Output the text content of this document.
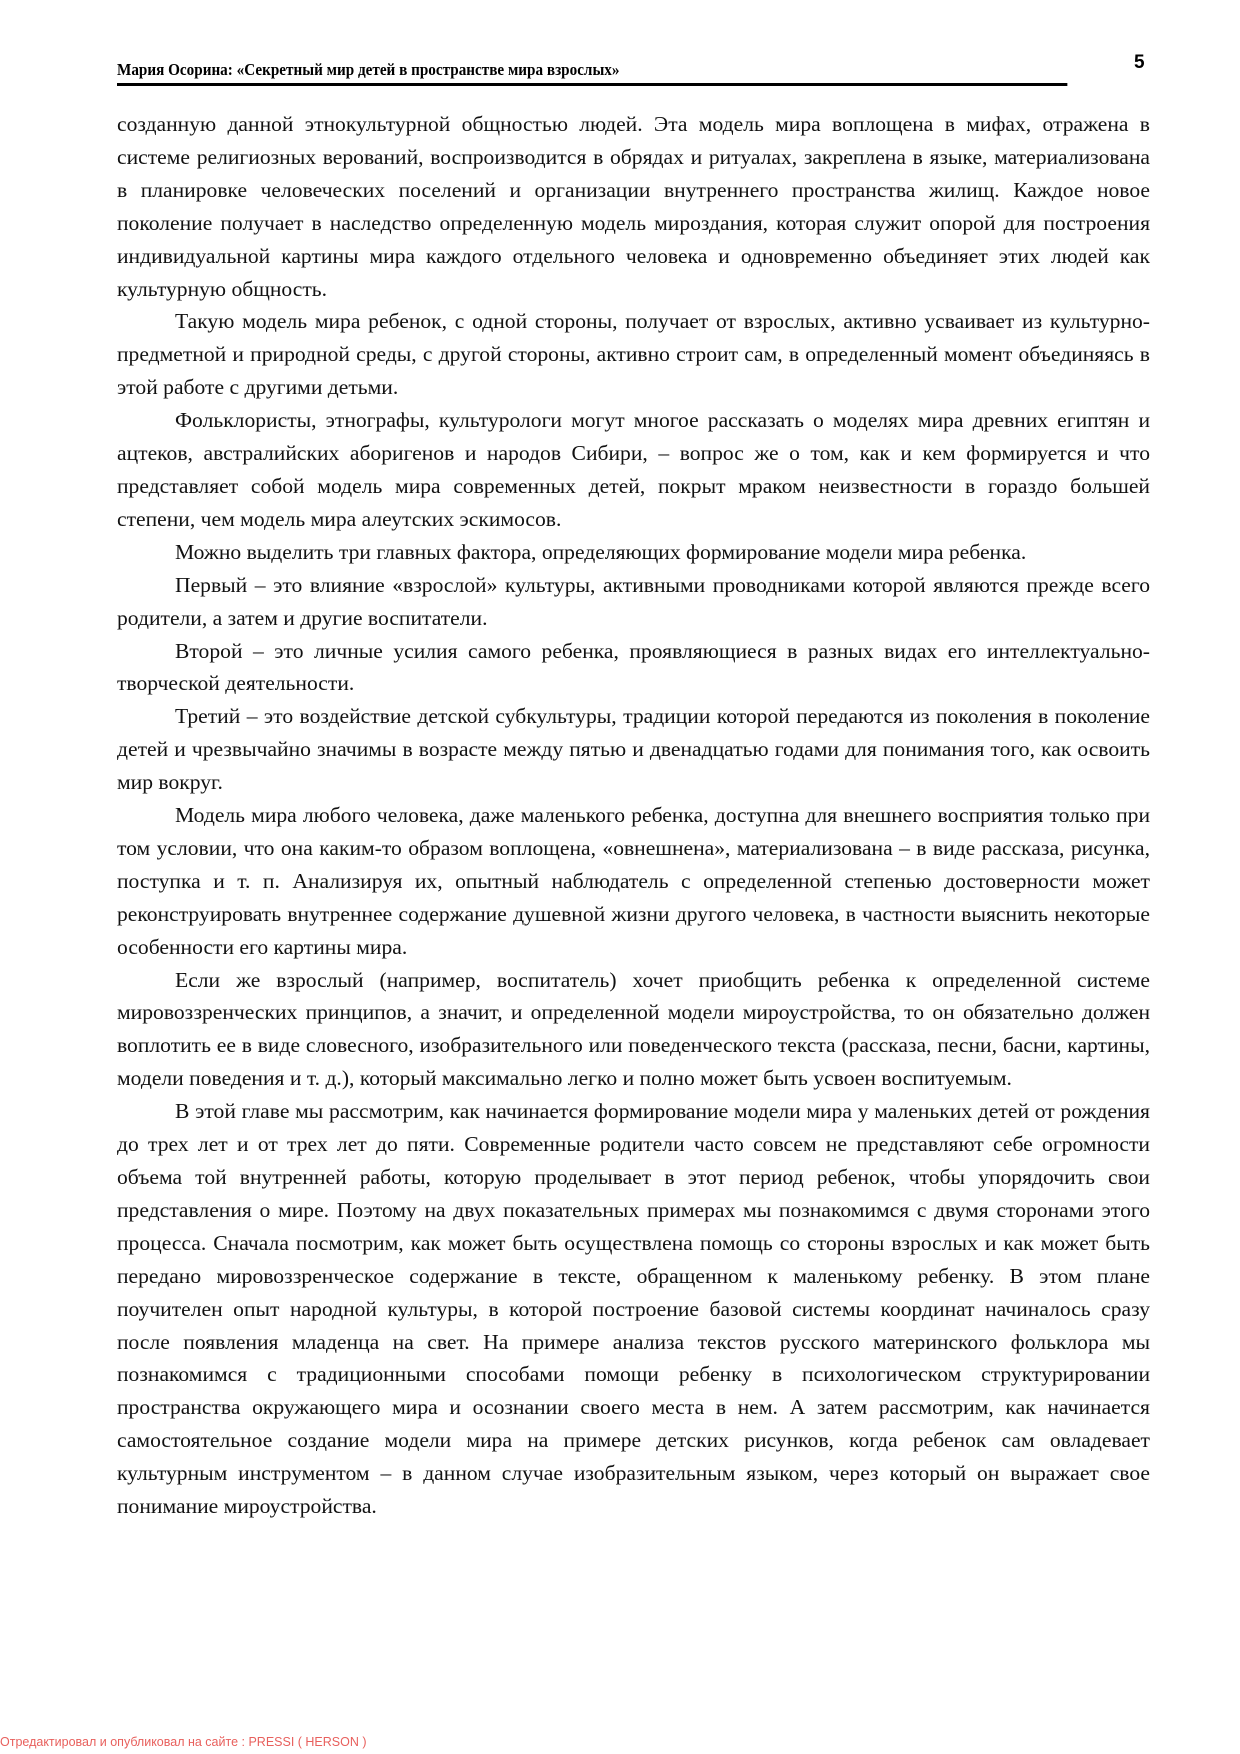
Мария Осорина: «Секретный мир детей в пространстве мира взрослых»	5

созданную данной этнокультурной общностью людей. Эта модель мира воплощена в мифах, отражена в системе религиозных верований, воспроизводится в обрядах и ритуалах, закреплена в языке, материализована в планировке человеческих поселений и организации внутреннего пространства жилищ. Каждое новое поколение получает в наследство определенную модель мироздания, которая служит опорой для построения индивидуальной картины мира каждого отдельного человека и одновременно объединяет этих людей как культурную общность.

Такую модель мира ребенок, с одной стороны, получает от взрослых, активно усваивает из культурно-предметной и природной среды, с другой стороны, активно строит сам, в определенный момент объединяясь в этой работе с другими детьми.

Фольклористы, этнографы, культурологи могут многое рассказать о моделях мира древних египтян и ацтеков, австралийских аборигенов и народов Сибири, – вопрос же о том, как и кем формируется и что представляет собой модель мира современных детей, покрыт мраком неизвестности в гораздо большей степени, чем модель мира алеутских эскимосов.

Можно выделить три главных фактора, определяющих формирование модели мира ребенка.

Первый – это влияние «взрослой» культуры, активными проводниками которой являются прежде всего родители, а затем и другие воспитатели.

Второй – это личные усилия самого ребенка, проявляющиеся в разных видах его интеллектуально-творческой деятельности.

Третий – это воздействие детской субкультуры, традиции которой передаются из поколения в поколение детей и чрезвычайно значимы в возрасте между пятью и двенадцатью годами для понимания того, как освоить мир вокруг.

Модель мира любого человека, даже маленького ребенка, доступна для внешнего восприятия только при том условии, что она каким-то образом воплощена, «овнешнена», материализована – в виде рассказа, рисунка, поступка и т. п. Анализируя их, опытный наблюдатель с определенной степенью достоверности может реконструировать внутреннее содержание душевной жизни другого человека, в частности выяснить некоторые особенности его картины мира.

Если же взрослый (например, воспитатель) хочет приобщить ребенка к определенной системе мировоззренческих принципов, а значит, и определенной модели мироустройства, то он обязательно должен воплотить ее в виде словесного, изобразительного или поведенческого текста (рассказа, песни, басни, картины, модели поведения и т. д.), который максимально легко и полно может быть усвоен воспитуемым.

В этой главе мы рассмотрим, как начинается формирование модели мира у маленьких детей от рождения до трех лет и от трех лет до пяти. Современные родители часто совсем не представляют себе огромности объема той внутренней работы, которую проделывает в этот период ребенок, чтобы упорядочить свои представления о мире. Поэтому на двух показательных примерах мы познакомимся с двумя сторонами этого процесса. Сначала посмотрим, как может быть осуществлена помощь со стороны взрослых и как может быть передано мировоззренческое содержание в тексте, обращенном к маленькому ребенку. В этом плане поучителен опыт народной культуры, в которой построение базовой системы координат начиналось сразу после появления младенца на свет. На примере анализа текстов русского материнского фольклора мы познакомимся с традиционными способами помощи ребенку в психологическом структурировании пространства окружающего мира и осознании своего места в нем. А затем рассмотрим, как начинается самостоятельное создание модели мира на примере детских рисунков, когда ребенок сам овладевает культурным инструментом – в данном случае изобразительным языком, через который он выражает свое понимание мироустройства.

Отредактировал и опубликовал на сайте : PRESSI ( HERSON )
